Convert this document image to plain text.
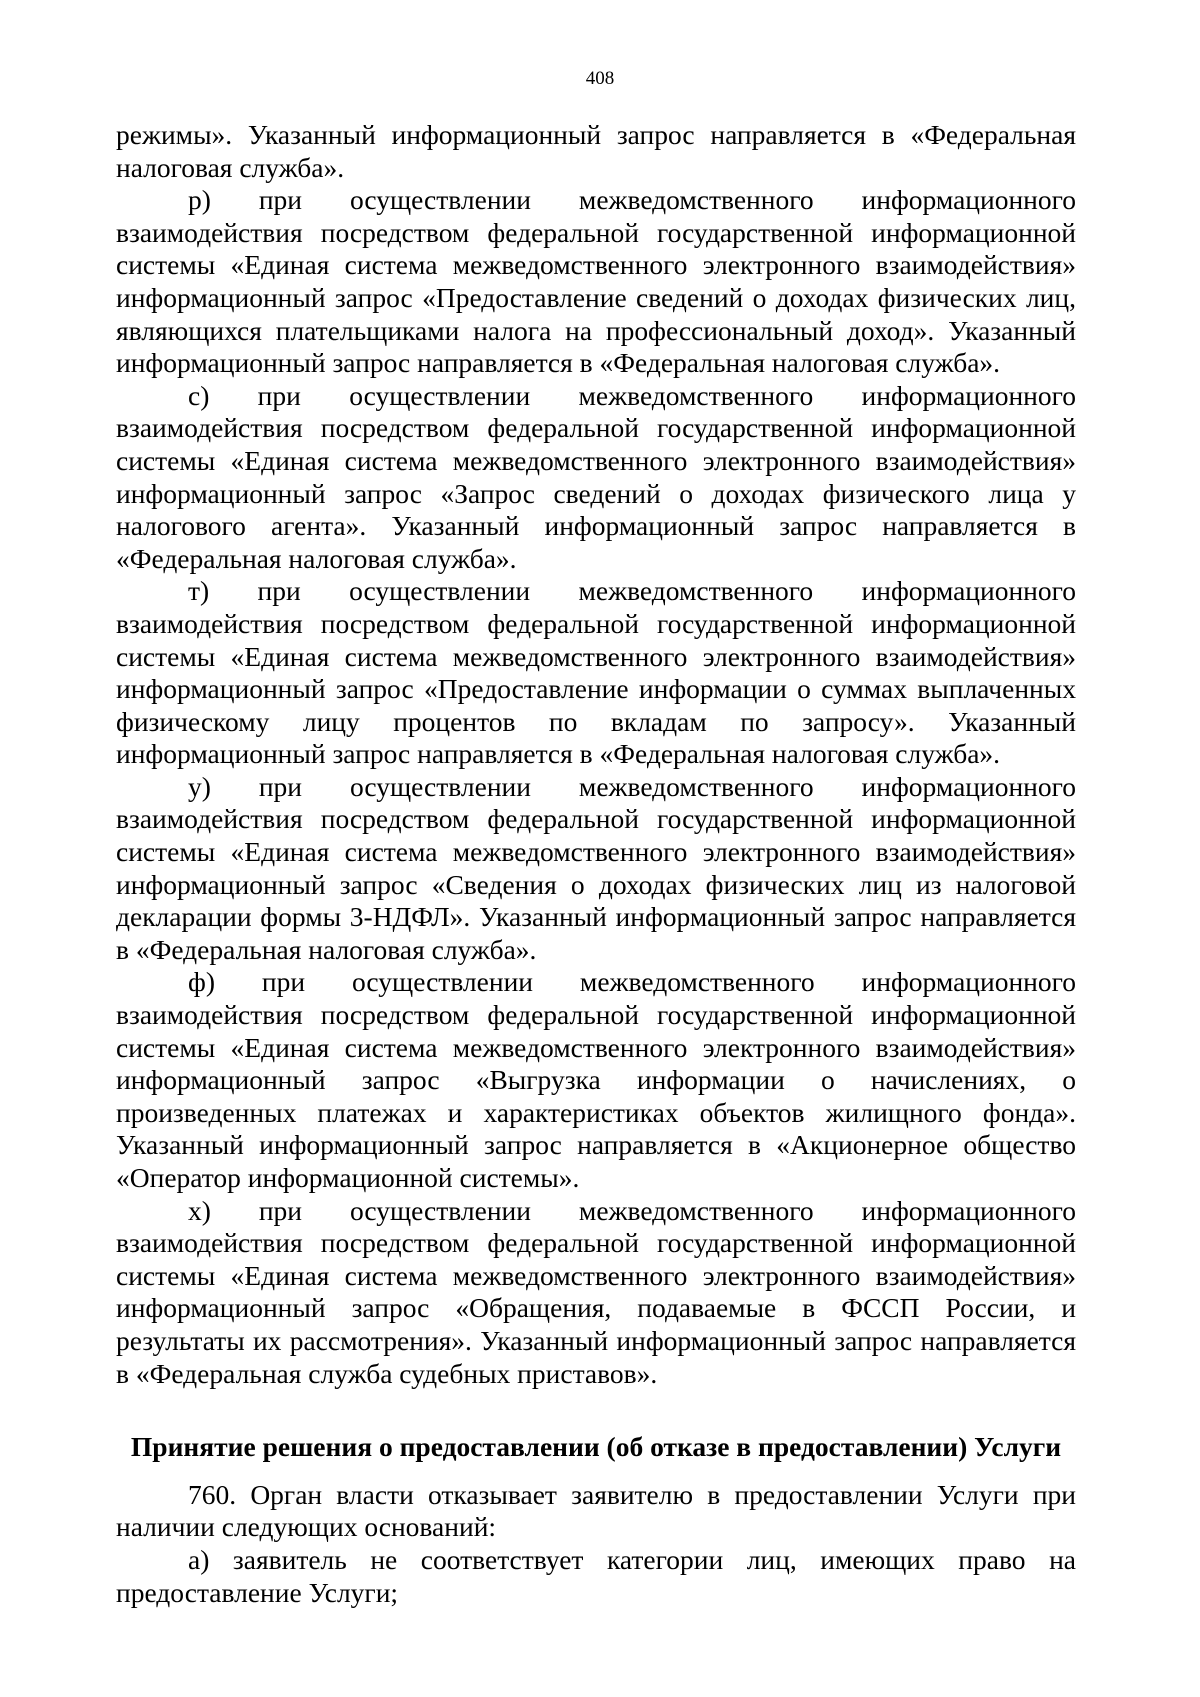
408

режимы». Указанный информационный запрос направляется в «Федеральная налоговая служба».

р) при осуществлении межведомственного информационного взаимодействия посредством федеральной государственной информационной системы «Единая система межведомственного электронного взаимодействия» информационный запрос «Предоставление сведений о доходах физических лиц, являющихся плательщиками налога на профессиональный доход». Указанный информационный запрос направляется в «Федеральная налоговая служба».

с) при осуществлении межведомственного информационного взаимодействия посредством федеральной государственной информационной системы «Единая система межведомственного электронного взаимодействия» информационный запрос «Запрос сведений о доходах физического лица у налогового агента». Указанный информационный запрос направляется в «Федеральная налоговая служба».

т) при осуществлении межведомственного информационного взаимодействия посредством федеральной государственной информационной системы «Единая система межведомственного электронного взаимодействия» информационный запрос «Предоставление информации о суммах выплаченных физическому лицу процентов по вкладам по запросу». Указанный информационный запрос направляется в «Федеральная налоговая служба».

у) при осуществлении межведомственного информационного взаимодействия посредством федеральной государственной информационной системы «Единая система межведомственного электронного взаимодействия» информационный запрос «Сведения о доходах физических лиц из налоговой декларации формы 3-НДФЛ». Указанный информационный запрос направляется в «Федеральная налоговая служба».

ф) при осуществлении межведомственного информационного взаимодействия посредством федеральной государственной информационной системы «Единая система межведомственного электронного взаимодействия» информационный запрос «Выгрузка информации о начислениях, о произведенных платежах и характеристиках объектов жилищного фонда». Указанный информационный запрос направляется в «Акционерное общество «Оператор информационной системы».

х) при осуществлении межведомственного информационного взаимодействия посредством федеральной государственной информационной системы «Единая система межведомственного электронного взаимодействия» информационный запрос «Обращения, подаваемые в ФССП России, и результаты их рассмотрения». Указанный информационный запрос направляется в «Федеральная служба судебных приставов».

Принятие решения о предоставлении (об отказе в предоставлении) Услуги

760. Орган власти отказывает заявителю в предоставлении Услуги при наличии следующих оснований:

а) заявитель не соответствует категории лиц, имеющих право на предоставление Услуги;
